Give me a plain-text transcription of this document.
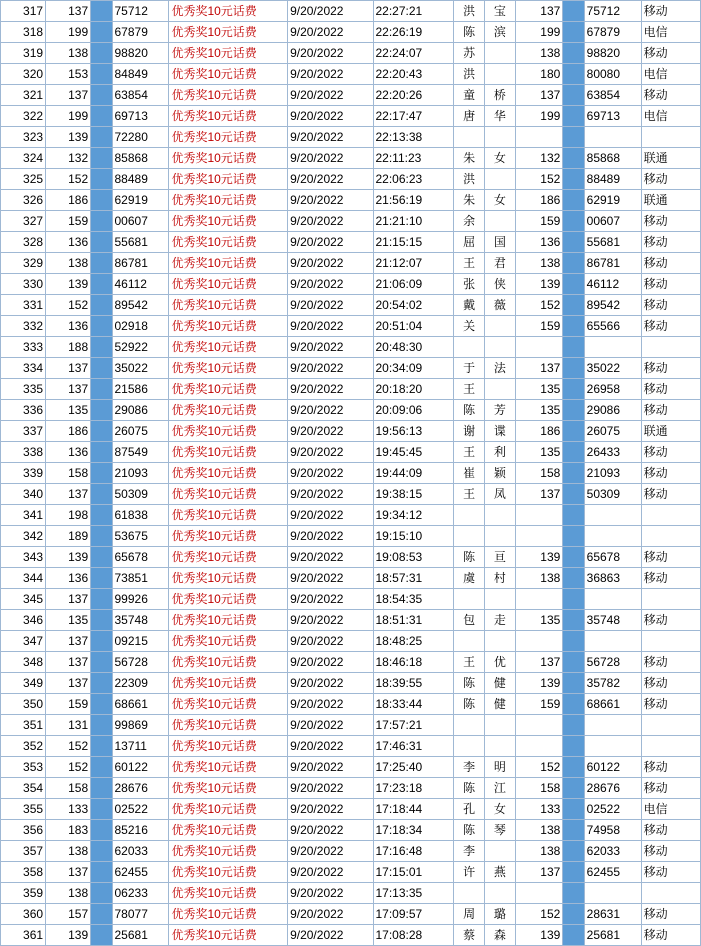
317	137		75712	优秀奖10元话费	9/20/2022	22:27:21	洪	宝	137		75712	移动
318	199		67879	优秀奖10元话费	9/20/2022	22:26:19	陈	滨	199		67879	电信
319	138		98820	优秀奖10元话费	9/20/2022	22:24:07	苏		138		98820	移动
320	153		84849	优秀奖10元话费	9/20/2022	22:20:43	洪		180		80080	电信
321	137		63854	优秀奖10元话费	9/20/2022	22:20:26	童	桥	137		63854	移动
322	199		69713	优秀奖10元话费	9/20/2022	22:17:47	唐	华	199		69713	电信
323	139		72280	优秀奖10元话费	9/20/2022	22:13:38						
324	132		85868	优秀奖10元话费	9/20/2022	22:11:23	朱	女	132		85868	联通
325	152		88489	优秀奖10元话费	9/20/2022	22:06:23	洪		152		88489	移动
326	186		62919	优秀奖10元话费	9/20/2022	21:56:19	朱	女	186		62919	联通
327	159		00607	优秀奖10元话费	9/20/2022	21:21:10	余		159		00607	移动
328	136		55681	优秀奖10元话费	9/20/2022	21:15:15	屈	国	136		55681	移动
329	138		86781	优秀奖10元话费	9/20/2022	21:12:07	王	君	138		86781	移动
330	139		46112	优秀奖10元话费	9/20/2022	21:06:09	张	侠	139		46112	移动
331	152		89542	优秀奖10元话费	9/20/2022	20:54:02	戴	薇	152		89542	移动
332	136		02918	优秀奖10元话费	9/20/2022	20:51:04	关		159		65566	移动
333	188		52922	优秀奖10元话费	9/20/2022	20:48:30						
334	137		35022	优秀奖10元话费	9/20/2022	20:34:09	于	法	137		35022	移动
335	137		21586	优秀奖10元话费	9/20/2022	20:18:20	王		135		26958	移动
336	135		29086	优秀奖10元话费	9/20/2022	20:09:06	陈	芳	135		29086	移动
337	186		26075	优秀奖10元话费	9/20/2022	19:56:13	谢	谍	186		26075	联通
338	136		87549	优秀奖10元话费	9/20/2022	19:45:45	王	利	135		26433	移动
339	158		21093	优秀奖10元话费	9/20/2022	19:44:09	崔	颖	158		21093	移动
340	137		50309	优秀奖10元话费	9/20/2022	19:38:15	王	凤	137		50309	移动
341	198		61838	优秀奖10元话费	9/20/2022	19:34:12						
342	189		53675	优秀奖10元话费	9/20/2022	19:15:10						
343	139		65678	优秀奖10元话费	9/20/2022	19:08:53	陈	亘	139		65678	移动
344	136		73851	优秀奖10元话费	9/20/2022	18:57:31	虞	村	138		36863	移动
345	137		99926	优秀奖10元话费	9/20/2022	18:54:35						
346	135		35748	优秀奖10元话费	9/20/2022	18:51:31	包	走	135		35748	移动
347	137		09215	优秀奖10元话费	9/20/2022	18:48:25						
348	137		56728	优秀奖10元话费	9/20/2022	18:46:18	王	优	137		56728	移动
349	137		22309	优秀奖10元话费	9/20/2022	18:39:55	陈	健	139		35782	移动
350	159		68661	优秀奖10元话费	9/20/2022	18:33:44	陈	健	159		68661	移动
351	131		99869	优秀奖10元话费	9/20/2022	17:57:21						
352	152		13711	优秀奖10元话费	9/20/2022	17:46:31						
353	152		60122	优秀奖10元话费	9/20/2022	17:25:40	李	明	152		60122	移动
354	158		28676	优秀奖10元话费	9/20/2022	17:23:18	陈	江	158		28676	移动
355	133		02522	优秀奖10元话费	9/20/2022	17:18:44	孔	女	133		02522	电信
356	183		85216	优秀奖10元话费	9/20/2022	17:18:34	陈	琴	138		74958	移动
357	138		62033	优秀奖10元话费	9/20/2022	17:16:48	李		138		62033	移动
358	137		62455	优秀奖10元话费	9/20/2022	17:15:01	许	燕	137		62455	移动
359	138		06233	优秀奖10元话费	9/20/2022	17:13:35						
360	157		78077	优秀奖10元话费	9/20/2022	17:09:57	周	璐	152		28631	移动
361	139		25681	优秀奖10元话费	9/20/2022	17:08:28	蔡	森	139		25681	移动
